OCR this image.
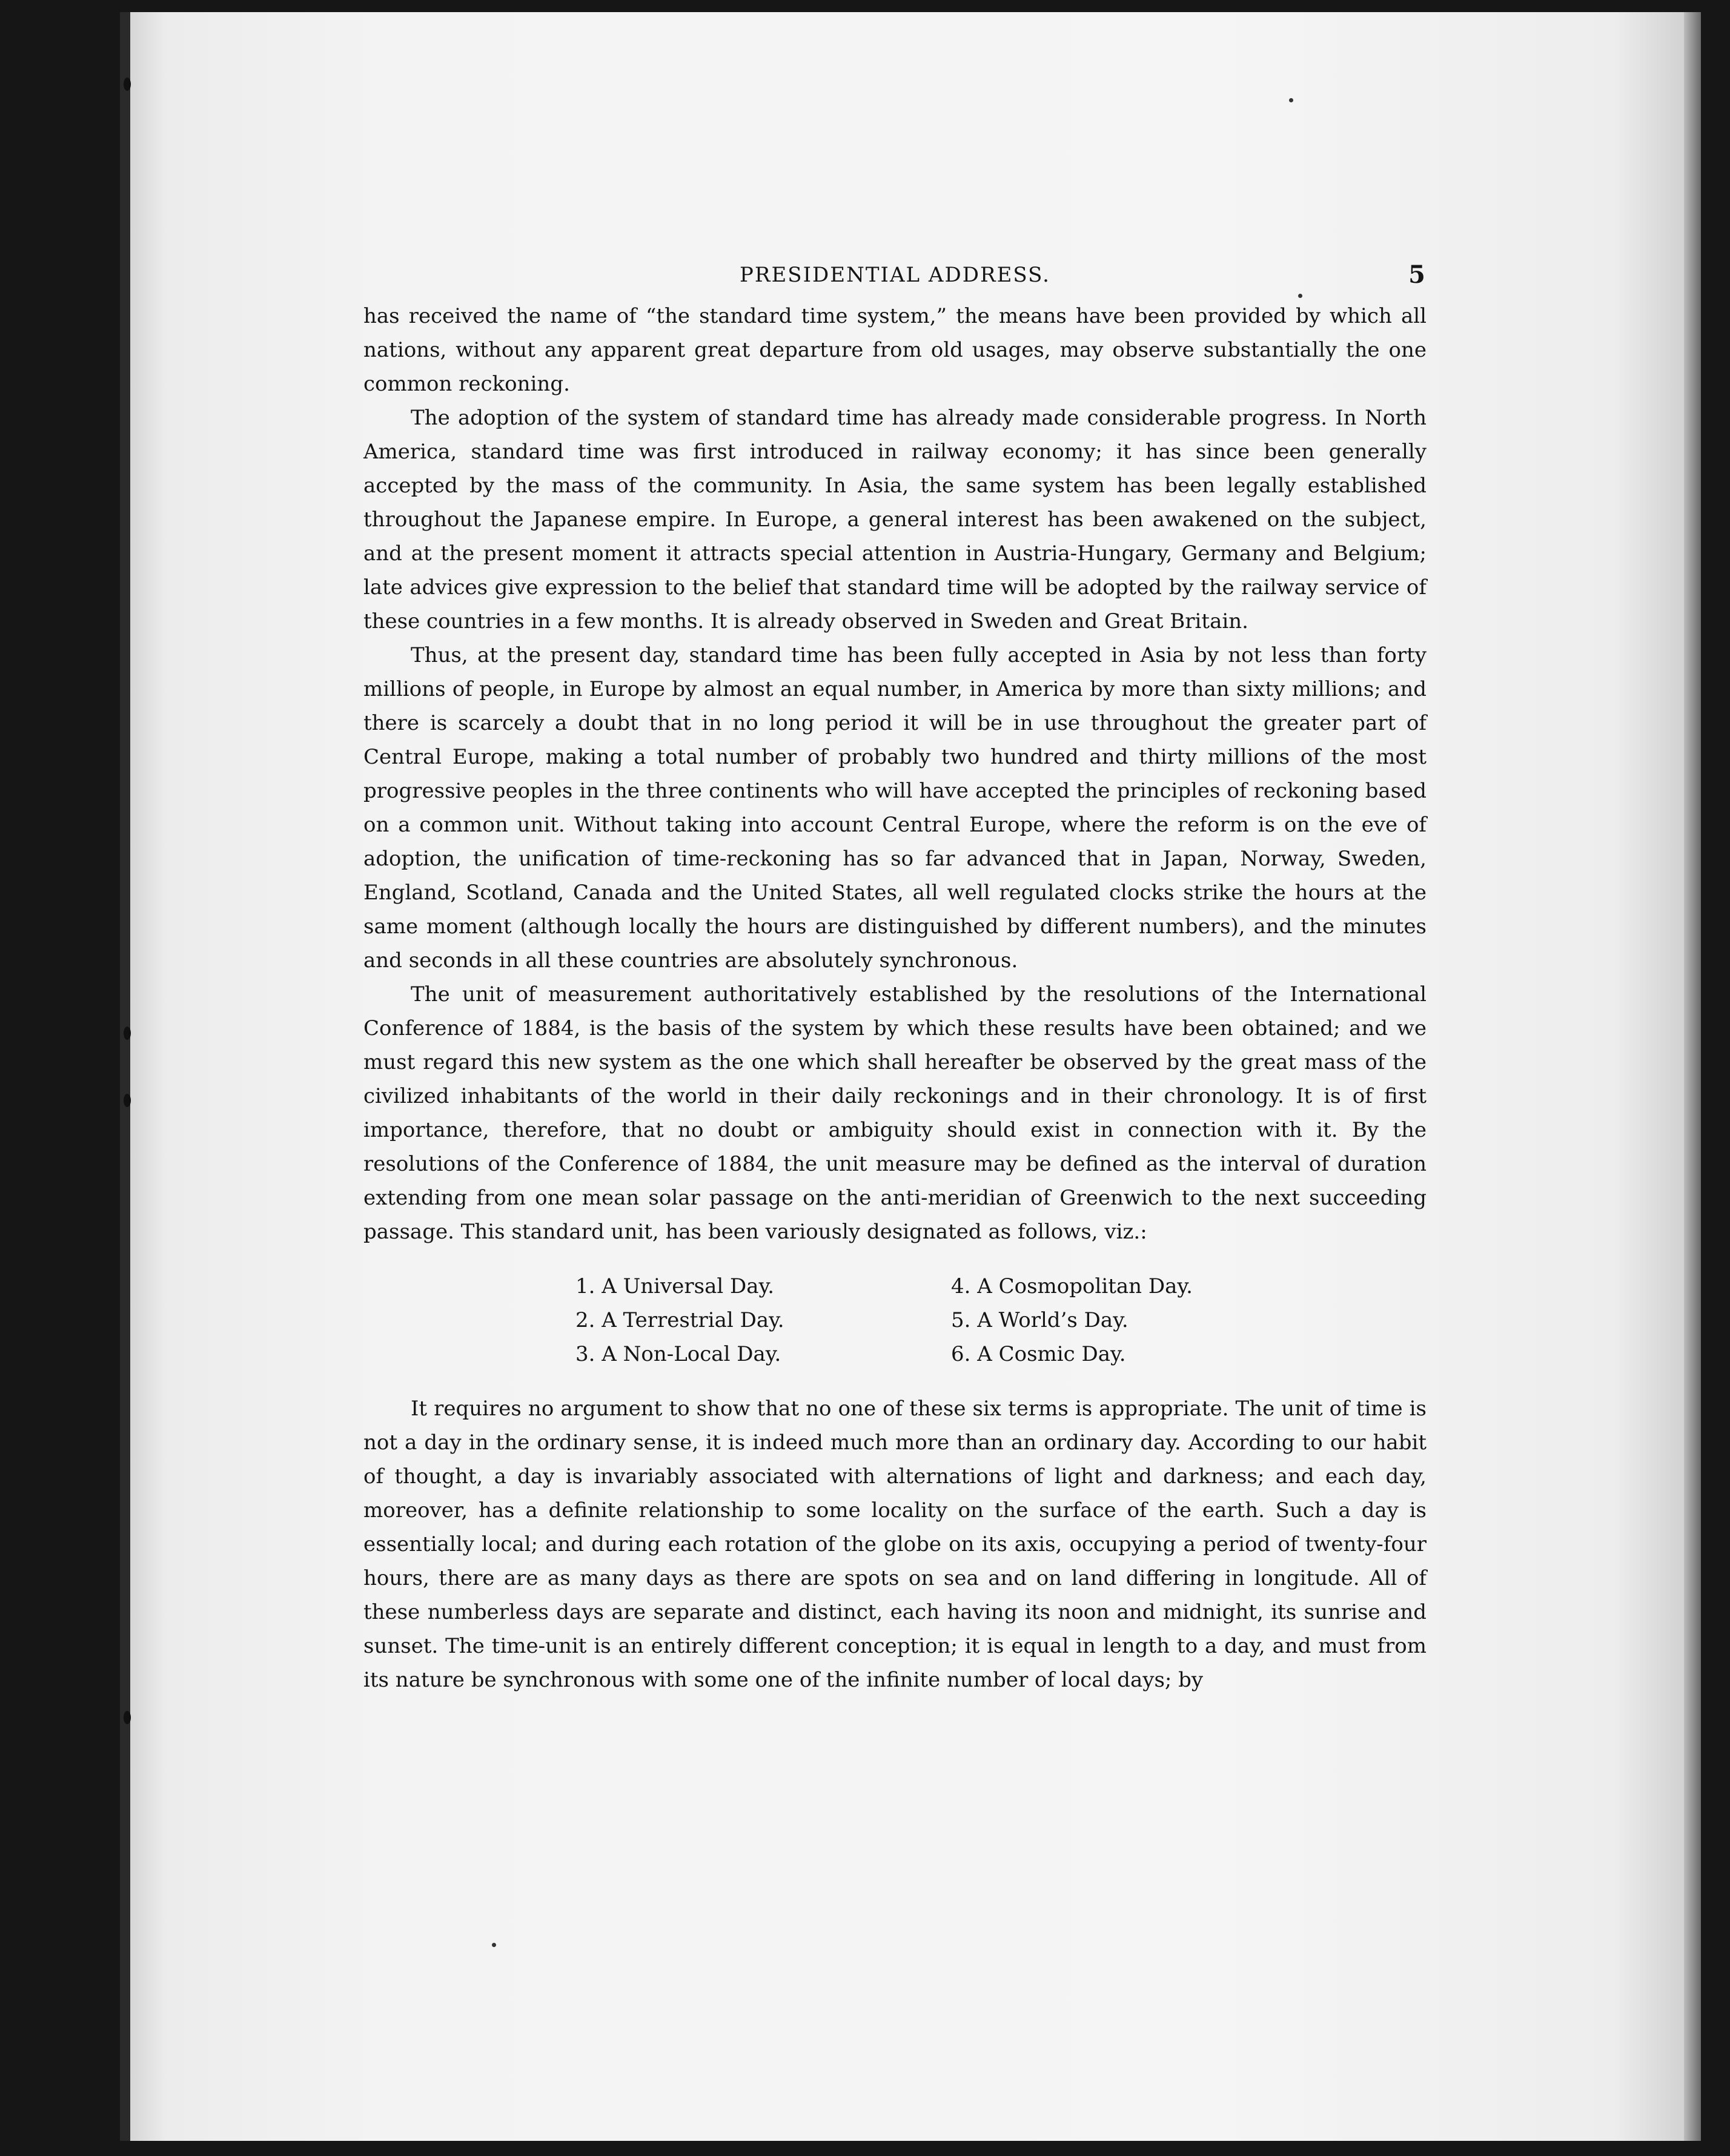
PRESIDENTIAL ADDRESS.	5

has received the name of “the standard time system,” the means have been provided by which all nations, without any apparent great departure from old usages, may observe substantially the one common reckoning.

The adoption of the system of standard time has already made considerable progress. In North America, standard time was first introduced in railway economy; it has since been generally accepted by the mass of the community. In Asia, the same system has been legally established throughout the Japanese empire. In Europe, a general interest has been awakened on the subject, and at the present moment it attracts special attention in Austria-Hungary, Germany and Belgium; late advices give expression to the belief that standard time will be adopted by the railway service of these countries in a few months. It is already observed in Sweden and Great Britain.

Thus, at the present day, standard time has been fully accepted in Asia by not less than forty millions of people, in Europe by almost an equal number, in America by more than sixty millions; and there is scarcely a doubt that in no long period it will be in use throughout the greater part of Central Europe, making a total number of probably two hundred and thirty millions of the most progressive peoples in the three continents who will have accepted the principles of reckoning based on a common unit. Without taking into account Central Europe, where the reform is on the eve of adoption, the unification of time-reckoning has so far advanced that in Japan, Norway, Sweden, England, Scotland, Canada and the United States, all well regulated clocks strike the hours at the same moment (although locally the hours are distinguished by different numbers), and the minutes and seconds in all these countries are absolutely synchronous.

The unit of measurement authoritatively established by the resolutions of the International Conference of 1884, is the basis of the system by which these results have been obtained; and we must regard this new system as the one which shall hereafter be observed by the great mass of the civilized inhabitants of the world in their daily reckonings and in their chronology. It is of first importance, therefore, that no doubt or ambiguity should exist in connection with it. By the resolutions of the Conference of 1884, the unit measure may be defined as the interval of duration extending from one mean solar passage on the anti-meridian of Greenwich to the next succeeding passage. This standard unit, has been variously designated as follows, viz.:

1. A Universal Day.	4. A Cosmopolitan Day.
2. A Terrestrial Day.	5. A World’s Day.
3. A Non-Local Day.	6. A Cosmic Day.

It requires no argument to show that no one of these six terms is appropriate. The unit of time is not a day in the ordinary sense, it is indeed much more than an ordinary day. According to our habit of thought, a day is invariably associated with alternations of light and darkness; and each day, moreover, has a definite relationship to some locality on the surface of the earth. Such a day is essentially local; and during each rotation of the globe on its axis, occupying a period of twenty-four hours, there are as many days as there are spots on sea and on land differing in longitude. All of these numberless days are separate and distinct, each having its noon and midnight, its sunrise and sunset. The time-unit is an entirely different conception; it is equal in length to a day, and must from its nature be synchronous with some one of the infinite number of local days; by
